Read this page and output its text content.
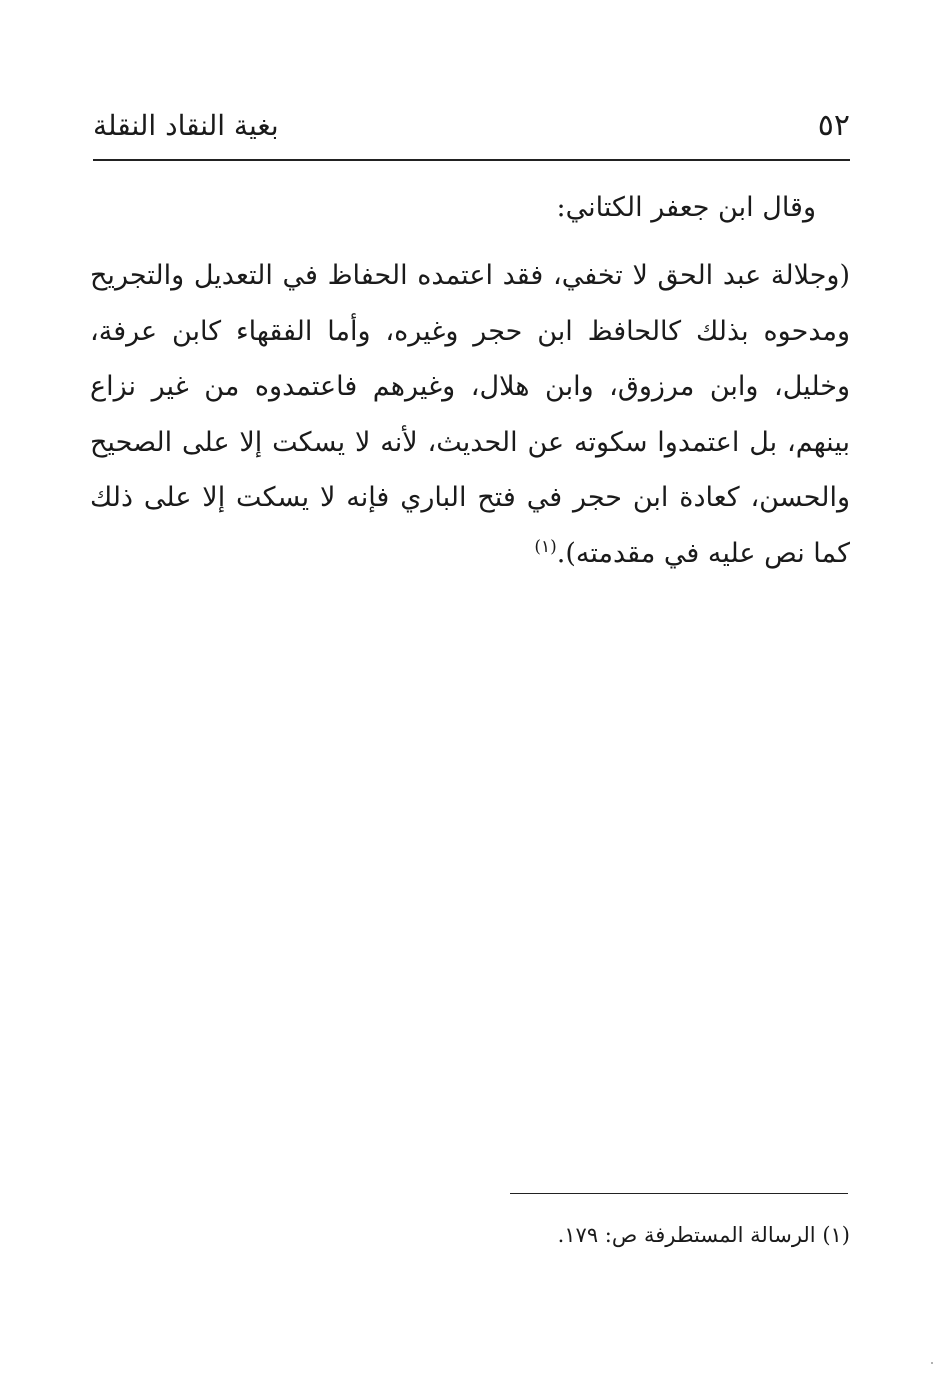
٥٢
بغية النقاد النقلة

وقال ابن جعفر الكتاني:

(وجلالة عبد الحق لا تخفي، فقد اعتمده الحفاظ في التعديل والتجريح ومدحوه بذلك كالحافظ ابن حجر وغيره، وأما الفقهاء كابن عرفة، وخليل، وابن مرزوق، وابن هلال، وغيرهم فاعتمدوه من غير نزاع بينهم، بل اعتمدوا سكوته عن الحديث، لأنه لا يسكت إلا على الصحيح والحسن، كعادة ابن حجر في فتح الباري فإنه لا يسكت إلا على ذلك كما نص عليه في مقدمته).$^{(١)}$

(١) الرسالة المستطرفة ص: ١٧٩.
